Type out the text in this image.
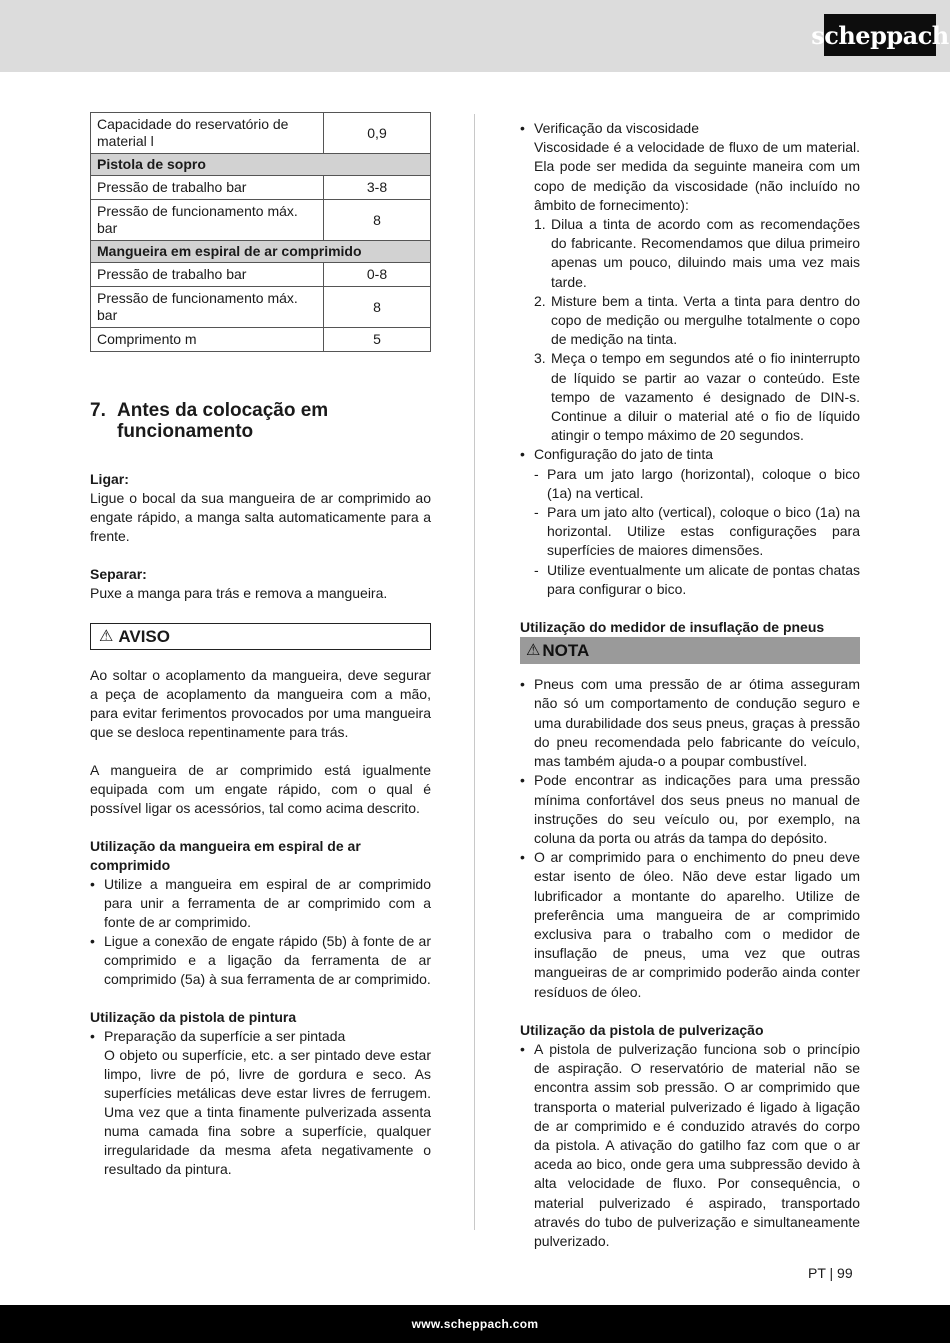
scheppach
Capacidade do reservatório de material l	0,9
Pistola de sopro	
Pressão de trabalho bar	3-8
Pressão de funcionamento máx. bar	8
Mangueira em espiral de ar comprimido	
Pressão de trabalho bar	0-8
Pressão de funcionamento máx. bar	8
Comprimento m	5
7. Antes da colocação em funcionamento
Ligar:

Ligue o bocal da sua mangueira de ar comprimido ao engate rápido, a manga salta automaticamente para a frente.

Separar:

Puxe a manga para trás e remova a mangueira.

⚠ AVISO

Ao soltar o acoplamento da mangueira, deve segurar a peça de acoplamento da mangueira com a mão, para evitar ferimentos provocados por uma mangueira que se desloca repentinamente para trás.

A mangueira de ar comprimido está igualmente equipada com um engate rápido, com o qual é possível ligar os acessórios, tal como acima descrito.

Utilização da mangueira em espiral de ar comprimido
• Utilize a mangueira em espiral de ar comprimido para unir a ferramenta de ar comprimido com a fonte de ar comprimido.
• Ligue a conexão de engate rápido (5b) à fonte de ar comprimido e a ligação da ferramenta de ar comprimido (5a) à sua ferramenta de ar comprimido.
Utilização da pistola de pintura
• Preparação da superfície a ser pintada
O objeto ou superfície, etc. a ser pintado deve estar limpo, livre de pó, livre de gordura e seco. As superfícies metálicas deve estar livres de ferrugem. Uma vez que a tinta finamente pulverizada assenta numa camada fina sobre a superfície, qualquer irregularidade da mesma afeta negativamente o resultado da pintura.
• Verificação da viscosidade
Viscosidade é a velocidade de fluxo de um material. Ela pode ser medida da seguinte maneira com um copo de medição da viscosidade (não incluído no âmbito de fornecimento):
1. Dilua a tinta de acordo com as recomendações do fabricante. Recomendamos que dilua primeiro apenas um pouco, diluindo mais uma vez mais tarde.
2. Misture bem a tinta. Verta a tinta para dentro do copo de medição ou mergulhe totalmente o copo de medição na tinta.
3. Meça o tempo em segundos até o fio ininterrupto de líquido se partir ao vazar o conteúdo. Este tempo de vazamento é designado de DIN-s. Continue a diluir o material até o fio de líquido atingir o tempo máximo de 20 segundos.
• Configuração do jato de tinta
- Para um jato largo (horizontal), coloque o bico (1a) na vertical.
- Para um jato alto (vertical), coloque o bico (1a) na horizontal. Utilize estas configurações para superfícies de maiores dimensões.
- Utilize eventualmente um alicate de pontas chatas para configurar o bico.
Utilização do medidor de insuflação de pneus
⚠ NOTA
• Pneus com uma pressão de ar ótima asseguram não só um comportamento de condução seguro e uma durabilidade dos seus pneus, graças à pressão do pneu recomendada pelo fabricante do veículo, mas também ajuda-o a poupar combustível.
• Pode encontrar as indicações para uma pressão mínima confortável dos seus pneus no manual de instruções do seu veículo ou, por exemplo, na coluna da porta ou atrás da tampa do depósito.
• O ar comprimido para o enchimento do pneu deve estar isento de óleo. Não deve estar ligado um lubrificador a montante do aparelho. Utilize de preferência uma mangueira de ar comprimido exclusiva para o trabalho com o medidor de insuflação de pneus, uma vez que outras mangueiras de ar comprimido poderão ainda conter resíduos de óleo.
Utilização da pistola de pulverização
• A pistola de pulverização funciona sob o princípio de aspiração. O reservatório de material não se encontra assim sob pressão. O ar comprimido que transporta o material pulverizado é ligado à ligação de ar comprimido e é conduzido através do corpo da pistola. A ativação do gatilho faz com que o ar aceda ao bico, onde gera uma subpressão devido à alta velocidade de fluxo. Por consequência, o material pulverizado é aspirado, transportado através do tubo de pulverização e simultaneamente pulverizado.
PT | 99
www.scheppach.com
